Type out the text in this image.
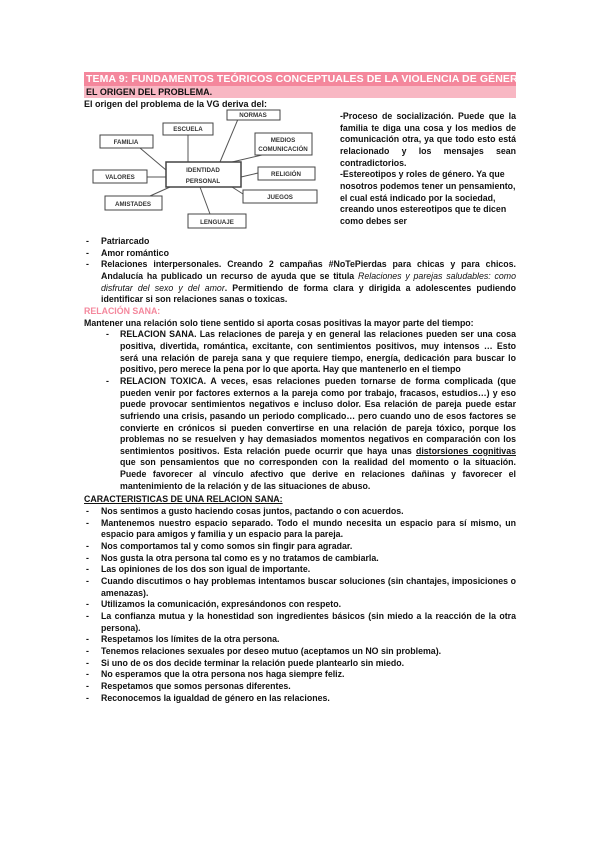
TEMA 9: FUNDAMENTOS TEÓRICOS CONCEPTUALES DE LA VIOLENCIA DE GÉNERO
EL ORIGEN DEL PROBLEMA.
El origen del problema de la VG deriva del:
NORMAS
ESCUELA
FAMILIA	MEDIOS
COMUNICACIÓN
IDENTIDAD
PERSONAL
VALORES	RELIGIÓN
JUEGOS
AMISTADES
LENGUAJE

-Proceso de socialización. Puede que la familia te diga una cosa y los medios de comunicación otra, ya que todo esto está relacionado y los mensajes sean contradictorios.

-Estereotipos y roles de género. Ya que nosotros podemos tener un pensamiento, el cual está indicado por la sociedad, creando unos estereotipos que te dicen como debes ser

- Patriarcado
- Amor romántico
- Relaciones interpersonales. Creando 2 campañas #NoTePierdas para chicas y para chicos. Andalucía ha publicado un recurso de ayuda que se titula Relaciones y parejas saludables: como disfrutar del sexo y del amor. Permitiendo de forma clara y dirigida a adolescentes pudiendo identificar si son relaciones sanas o toxicas.

RELACIÓN SANA:

Mantener una relación solo tiene sentido si aporta cosas positivas la mayor parte del tiempo:

- RELACION SANA. Las relaciones de pareja y en general las relaciones pueden ser una cosa positiva, divertida, romántica, excitante, con sentimientos positivos, muy intensos … Esto será una relación de pareja sana y que requiere tiempo, energía, dedicación para buscar lo positivo, pero merece la pena por lo que aporta. Hay que mantenerlo en el tiempo
- RELACION TOXICA. A veces, esas relaciones pueden tornarse de forma complicada (que pueden venir por factores externos a la pareja como por trabajo, fracasos, estudios…) y eso puede provocar sentimientos negativos e incluso dolor. Esa relación de pareja puede estar sufriendo una crisis, pasando un periodo complicado… pero cuando uno de esos factores se convierte en crónicos si pueden convertirse en una relación de pareja tóxico, porque los problemas no se resuelven y hay demasiados momentos negativos en comparación con los sentimientos positivos. Esta relación puede ocurrir que haya unas distorsiones cognitivas que son pensamientos que no corresponden con la realidad del momento o la situación. Puede favorecer al vínculo afectivo que derive en relaciones dañinas y favorecer el mantenimiento de la relación y de las situaciones de abuso.

CARACTERISTICAS DE UNA RELACION SANA:

- Nos sentimos a gusto haciendo cosas juntos, pactando o con acuerdos.
- Mantenemos nuestro espacio separado. Todo el mundo necesita un espacio para sí mismo, un espacio para amigos y familia y un espacio para la pareja.
- Nos comportamos tal y como somos sin fingir para agradar.
- Nos gusta la otra persona tal como es y no tratamos de cambiarla.
- Las opiniones de los dos son igual de importante.
- Cuando discutimos o hay problemas intentamos buscar soluciones (sin chantajes, imposiciones o amenazas).
- Utilizamos la comunicación, expresándonos con respeto.
- La confianza mutua y la honestidad son ingredientes básicos (sin miedo a la reacción de la otra persona).
- Respetamos los límites de la otra persona.
- Tenemos relaciones sexuales por deseo mutuo (aceptamos un NO sin problema).
- Si uno de os dos decide terminar la relación puede plantearlo sin miedo.
- No esperamos que la otra persona nos haga siempre feliz.
- Respetamos que somos personas diferentes.
- Reconocemos la igualdad de género en las relaciones.
